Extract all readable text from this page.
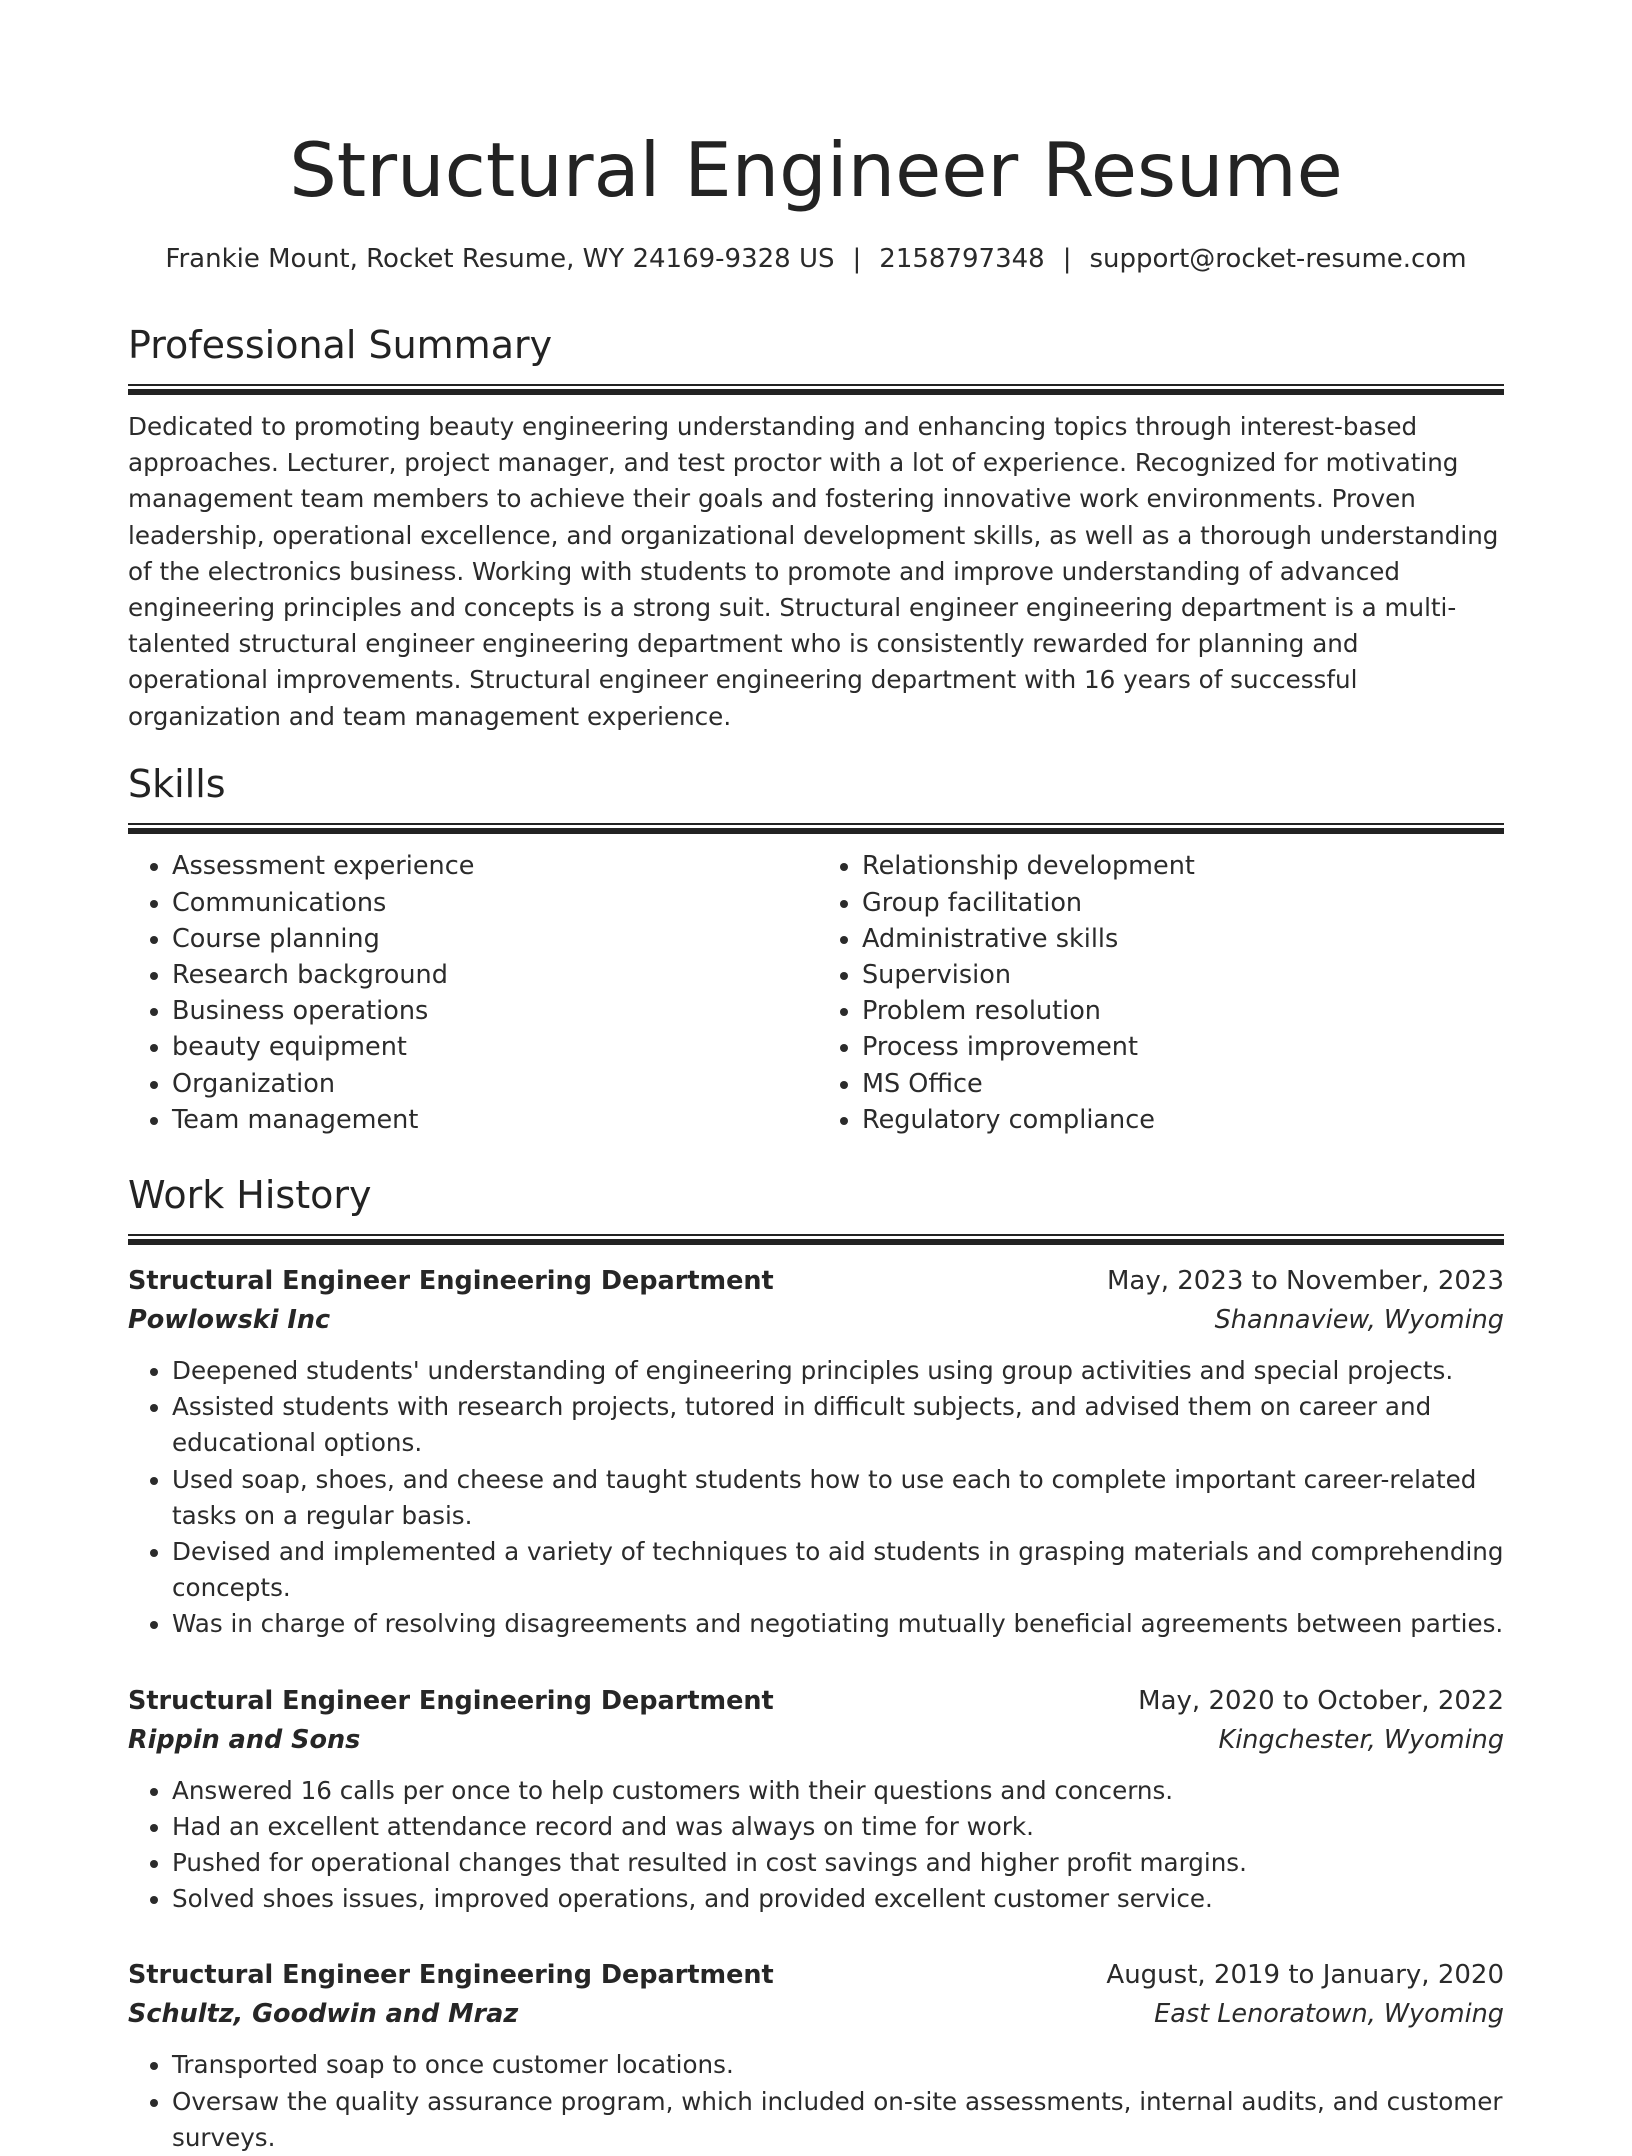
Structural Engineer Resume
Frankie Mount, Rocket Resume, WY 24169-9328 US | 2158797348 | support@rocket-resume.com
Professional Summary

Dedicated to promoting beauty engineering understanding and enhancing topics through interest-based approaches. Lecturer, project manager, and test proctor with a lot of experience. Recognized for motivating management team members to achieve their goals and fostering innovative work environments. Proven leadership, operational excellence, and organizational development skills, as well as a thorough understanding of the electronics business. Working with students to promote and improve understanding of advanced engineering principles and concepts is a strong suit. Structural engineer engineering department is a multi-talented structural engineer engineering department who is consistently rewarded for planning and operational improvements. Structural engineer engineering department with 16 years of successful organization and team management experience.

Skills
• Assessment experience
• Communications
• Course planning
• Research background
• Business operations
• beauty equipment
• Organization
• Team management
• Relationship development
• Group facilitation
• Administrative skills
• Supervision
• Problem resolution
• Process improvement
• MS Office
• Regulatory compliance
Work History
Structural Engineer Engineering Department	May, 2023 to November, 2023
Powlowski Inc	Shannaview, Wyoming
• Deepened students' understanding of engineering principles using group activities and special projects.
• Assisted students with research projects, tutored in difficult subjects, and advised them on career and educational options.
• Used soap, shoes, and cheese and taught students how to use each to complete important career-related tasks on a regular basis.
• Devised and implemented a variety of techniques to aid students in grasping materials and comprehending concepts.
• Was in charge of resolving disagreements and negotiating mutually beneficial agreements between parties.
Structural Engineer Engineering Department	May, 2020 to October, 2022
Rippin and Sons	Kingchester, Wyoming
• Answered 16 calls per once to help customers with their questions and concerns.
• Had an excellent attendance record and was always on time for work.
• Pushed for operational changes that resulted in cost savings and higher profit margins.
• Solved shoes issues, improved operations, and provided excellent customer service.
Structural Engineer Engineering Department	August, 2019 to January, 2020
Schultz, Goodwin and Mraz	East Lenoratown, Wyoming
• Transported soap to once customer locations.
• Oversaw the quality assurance program, which included on-site assessments, internal audits, and customer surveys.
